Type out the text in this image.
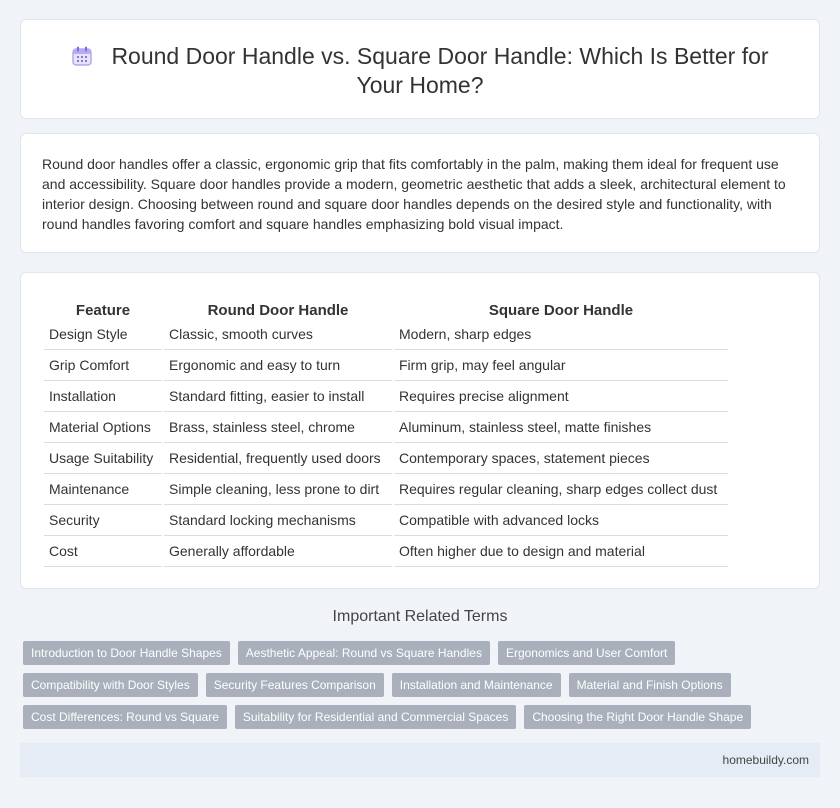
Round Door Handle vs. Square Door Handle: Which Is Better for Your Home?
Round door handles offer a classic, ergonomic grip that fits comfortably in the palm, making them ideal for frequent use and accessibility. Square door handles provide a modern, geometric aesthetic that adds a sleek, architectural element to interior design. Choosing between round and square door handles depends on the desired style and functionality, with round handles favoring comfort and square handles emphasizing bold visual impact.
Feature	Round Door Handle	Square Door Handle
Design Style	Classic, smooth curves	Modern, sharp edges
Grip Comfort	Ergonomic and easy to turn	Firm grip, may feel angular
Installation	Standard fitting, easier to install	Requires precise alignment
Material Options	Brass, stainless steel, chrome	Aluminum, stainless steel, matte finishes
Usage Suitability	Residential, frequently used doors	Contemporary spaces, statement pieces
Maintenance	Simple cleaning, less prone to dirt	Requires regular cleaning, sharp edges collect dust
Security	Standard locking mechanisms	Compatible with advanced locks
Cost	Generally affordable	Often higher due to design and material
Important Related Terms
Introduction to Door Handle Shapes	Aesthetic Appeal: Round vs Square Handles	Ergonomics and User Comfort
Compatibility with Door Styles	Security Features Comparison	Installation and Maintenance	Material and Finish Options
Cost Differences: Round vs Square	Suitability for Residential and Commercial Spaces	Choosing the Right Door Handle Shape
homebuildy.com
